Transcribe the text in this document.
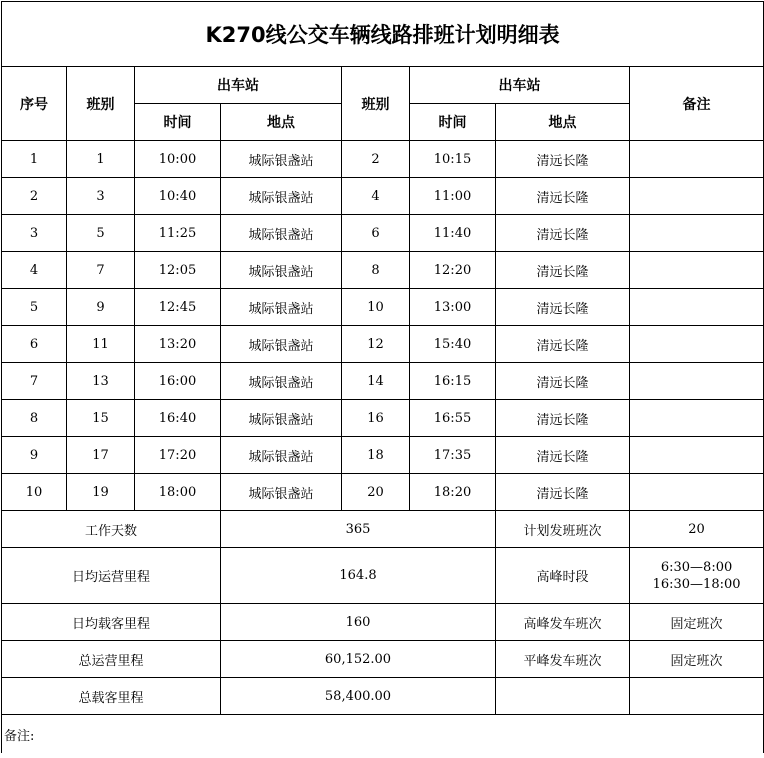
K270线公交车辆线路排班计划明细表							
序号	班别	出车站		班别	出车站		备注
		时间	地点		时间	地点	
1	1	10:00	城际银盏站	2	10:15	清远长隆	
2	3	10:40	城际银盏站	4	11:00	清远长隆	
3	5	11:25	城际银盏站	6	11:40	清远长隆	
4	7	12:05	城际银盏站	8	12:20	清远长隆	
5	9	12:45	城际银盏站	10	13:00	清远长隆	
6	11	13:20	城际银盏站	12	15:40	清远长隆	
7	13	16:00	城际银盏站	14	16:15	清远长隆	
8	15	16:40	城际银盏站	16	16:55	清远长隆	
9	17	17:20	城际银盏站	18	17:35	清远长隆	
10	19	18:00	城际银盏站	20	18:20	清远长隆	
工作天数			365			计划发班班次	20
日均运营里程			164.8			高峰时段	6:30—8:00
16:30—18:00

日均载客里程			160			高峰发车班次	固定班次
总运营里程			60,152.00			平峰发车班次	固定班次
总载客里程			58,400.00				
备注:							
